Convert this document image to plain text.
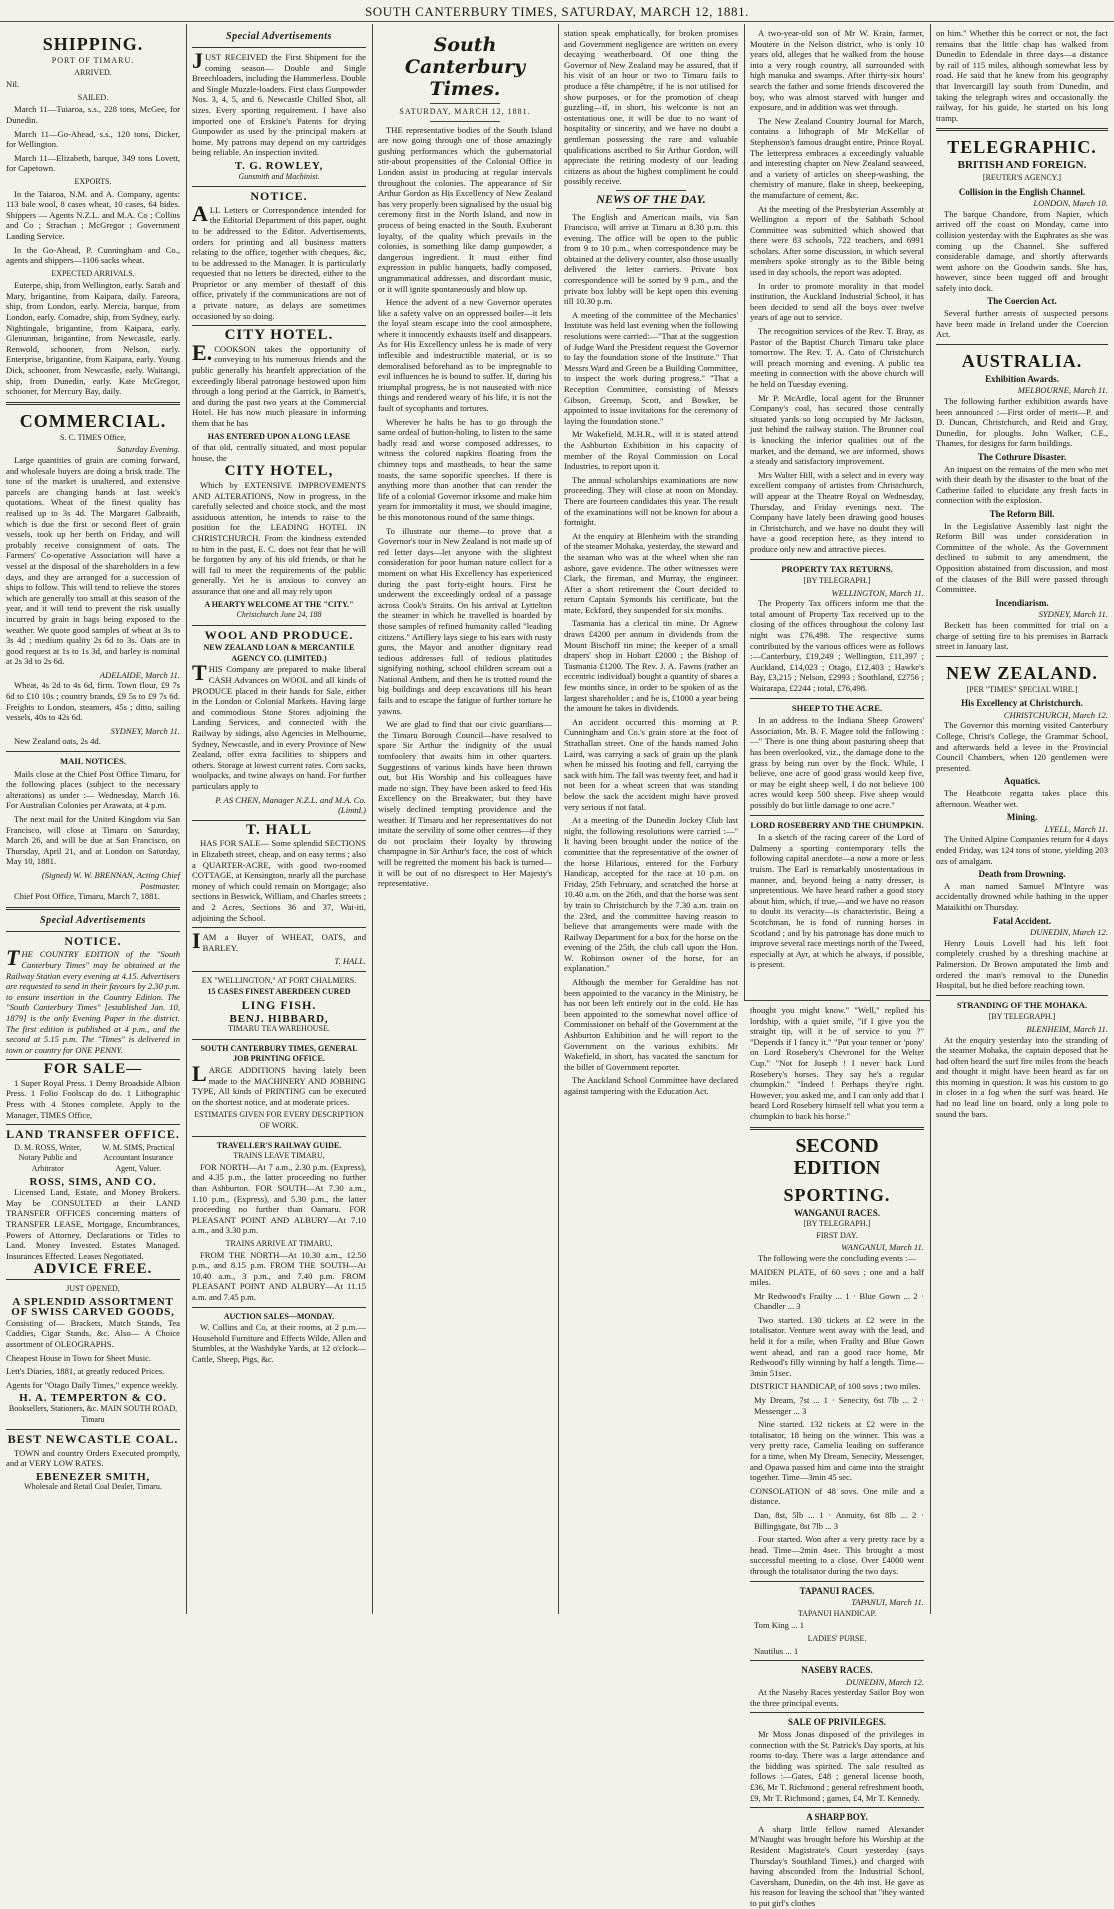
SOUTH CANTERBURY TIMES, SATURDAY, MARCH 12, 1881.
SHIPPING.
PORT OF TIMARU.
ARRIVED.

Nil.

SAILED.

March 11—Tuiaroa, s.s., 228 tons, McGee, for Dunedin.

March 11—Go-Ahead, s.s., 120 tons, Dicker, for Wellington.

March 11—Elizabeth, barque, 349 tons Lovett, for Capetown.

EXPORTS.

In the Taiaroa, N.M. and A. Company, agents: 113 bale wool, 8 cases wheat, 10 cases, 64 hides. Shippers — Agents N.Z.L. and M.A. Co ; Collins and Co ; Strachan ; McGregor ; Government Landing Service.

In the Go-Ahead, P. Cunningham and Co., agents and shippers—1106 sacks wheat.

EXPECTED ARRIVALS.

Euterpe, ship, from Wellington, early. Sarah and Mary, brigantine, from Kaipara, daily. Fareora, ship, from London, early. Mercia, barque, from London, early. Comadre, ship, from Sydney, early. Nightingale, brigantine, from Kaipara, early. Glenunman, brigantine, from Newcastle, early. Renwold, schooner, from Nelson, early. Enterprise, brigantine, from Kaipara, early. Young Dick, schooner, from Newcastle, early. Waitangi, ship, from Dunedin, early. Kate McGregor, schooner, for Mercury Bay, daily.

COMMERCIAL.
S. C. TIMES Office,
Saturday Evening.

Large quantities of grain are coming forward, and wholesale buyers are doing a brisk trade. The tone of the market is unaltered, and extensive parcels are changing hands at last week's quotations. Wheat of the finest quality has realised up to 3s 4d. The Margaret Galbraith, which is due the first or second fleet of grain vessels, took up her berth on Friday, and will probably receive consignment of oats. The Farmers' Co-operative Association will have a vessel at the disposal of the shareholders in a few days, and they are arranged for a succession of ships to follow. This will tend to relieve the stores which are generally too small at this season of the year, and it will tend to prevent the risk usually incurred by grain in bags being exposed to the weather. We quote good samples of wheat at 3s to 3s 4d ; medium quality 2s 6d to 3s. Oats are in good request at 1s to 1s 3d, and barley is nominal at 2s 3d to 2s 6d.

ADELAIDE, March 11.

Wheat, 4s 2d to 4s 6d, firm. Town flour, £9 7s 6d to £10 10s ; country brands, £9 5s to £9 7s 6d. Freights to London, steamers, 45s ; ditto, sailing vessels, 40s to 42s 6d.

SYDNEY, March 11.

New Zealand oats, 2s 4d.

MAIL NOTICES.

Mails close at the Chief Post Office Timaru, for the following places (subject to the necessary alterations) as under :— Wednesday, March 16. For Australian Colonies per Arawata, at 4 p.m.

The next mail for the United Kingdom via San Francisco, will close at Timaru on Saturday, March 26, and will be due at San Francisco, on Thursday, April 21, and at London on Saturday, May 10, 1881.

(Signed) W. W. BRENNAN, Acting Chief Postmaster.

Chief Post Office, Timaru, March 7, 1881.

Special Advertisements
NOTICE.

THE COUNTRY EDITION of the "South Canterbury Times" may be obtained at the Railway Station every evening at 4.15. Advertisers are requested to send in their favours by 2.30 p.m. to ensure insertion in the Country Edition. The "South Canterbury Times" [established Jan. 10, 1879] is the only Evening Paper in the district. The first edition is published at 4 p.m., and the second at 5.15 p.m. The "Times" is delivered in town or country for ONE PENNY.

FOR SALE—

1 Super Royal Press. 1 Demy Broadside Albion Press. 1 Folio Foolscap do do. 1 Lithographic Press with 4 Stones complete. Apply to the Manager, TIMES Office,

LAND TRANSFER OFFICE.
D. M. ROSS, Writer, Notary Public and Arbitrator
W. M. SIMS, Practical Accountant Insurance Agent, Valuer.
ROSS, SIMS, AND CO.

Licensed Land, Estate, and Money Brokers. May be CONSULTED at their LAND TRANSFER OFFICES concerning matters of TRANSFER LEASE, Mortgage, Encumbrances, Powers of Attorney, Declarations or Titles to Land. Money Invested. Estates Managed. Insurances Effected. Leases Negotiated.

ADVICE FREE.
JUST OPENED,
A SPLENDID ASSORTMENT OF SWISS CARVED GOODS,

Consisting of— Brackets, Match Stands, Tea Caddies, Cigar Stands, &c. Also— A Choice assortment of OLEOGRAPHS.

Cheapest House in Town for Sheet Music.

Lett's Diaries, 1881, at greatly reduced Prices.

Agents for "Otago Daily Times," expence weekly.

H. A. TEMPERTON & CO.
Booksellers, Stationers, &c. MAIN SOUTH ROAD, Timaru
BEST NEWCASTLE COAL.

TOWN and country Orders Executed promptly, and at VERY LOW RATES.

EBENEZER SMITH,
Wholesale and Retail Coal Dealer, Timaru.
Special Advertisements

JUST RECEIVED the First Shipment for the coming season— Double and Single Breechloaders, including the Hammerless. Double and Single Muzzle-loaders. First class Gunpowder Nos. 3, 4, 5, and 6. Newcastle Chilled Shot, all sizes. Every sporting requirement. I have also imported one of Erskine's Patents for drying Gunpowder as used by the principal makers at home. My patrons may depend on my cartridges being reliable. An inspection invited.

T. G. ROWLEY,
Gunsmith and Machinist.
NOTICE.

ALL Letters or Correspondence intended for the Editorial Department of this paper, ought to be addressed to the Editor. Advertisements, orders for printing and all business matters relating to the office, together with cheques, &c, to be addressed to the Manager. It is particularly requested that no letters be directed, either to the Proprietor or any member of thestaff of this office, privately if the communications are not of a private nature, as delays are sometimes occasioned by so doing.

CITY HOTEL.

E.COOKSON takes the opportunity of conveying to his numerous friends and the public generally his heartfelt appreciation of the exceedingly liberal patronage bestowed upon him through a long period at the Garrick, in Barnett's, and during the past two years at the Commercial Hotel. He has now much pleasure in informing them that he has

HAS ENTERED UPON A LONG LEASE

of that old, centrally situated, and most popular house, the

CITY HOTEL,

Which by EXTENSIVE IMPROVEMENTS AND ALTERATIONS, Now in progress, in the carefully selected and choice stock, and the most assiduous attention, he intends to raise to the position for the LEADING HOTEL IN CHRISTCHURCH. From the kindness extended to him in the past, E. C. does not fear that he will be forgotten by any of his old friends, or that he will fail to meet the requirements of the public generally. Yet he is anxious to convey an assurance that one and all may rely upon

A HEARTY WELCOME AT THE "CITY."
Christchurch June 24, 188
WOOL AND PRODUCE.
NEW ZEALAND LOAN & MERCANTILE AGENCY CO. (LIMITED.)

THIS Company are prepared to make liberal CASH Advances on WOOL and all kinds of PRODUCE placed in their hands for Sale, either in the London or Colonial Markets. Having large and commodious Stone Stores adjoining the Landing Services, and connected with the Railway by sidings, also Agencies in Melbourne, Sydney, Newcastle, and in every Province of New Zealand, offer extra facilities to shippers and others. Storage at lowest current rates. Corn sacks, woolpacks, and twine always on hand. For further particulars apply to

P. AS CHEN, Manager N.Z.L. and M.A. Co. (Limtd.)
T. HALL

HAS FOR SALE— Some splendid SECTIONS in Elizabeth street, cheap, and on easy terms ; also a QUARTER-ACRE, with good two-roomed COTTAGE, at Kensington, nearly all the purchase money of which could remain on Mortgage; also sections in Beswick, William, and Charles streets ; and 2 Acres, Sections 36 and 37, Wai-iti, adjoining the School.

IAM a Buyer of WHEAT, OATS, and BARLEY.

T. HALL.
EX "WELLINGTON," AT FORT CHALMERS.
15 CASES FINEST ABERDEEN CURED
LING FISH.
BENJ. HIBBARD,
TIMARU TEA WAREHOUSE.
SOUTH CANTERBURY TIMES, GENERAL JOB PRINTING OFFICE.

LARGE ADDITIONS having lately been made to the MACHINERY AND JOBBING TYPE, All kinds of PRINTING can be executed on the shortest notice, and at moderate prices.

ESTIMATES GIVEN FOR EVERY DESCRIPTION OF WORK.
TRAVELLER'S RAILWAY GUIDE.
TRAINS LEAVE TIMARU,

FOR NORTH—At 7 a.m., 2.30 p.m. (Express), and 4.35 p.m., the latter proceeding no further than Ashburton. FOR SOUTH—At 7.30 a.m., 1.10 p.m., (Express), and 5.30 p.m., the latter proceeding no further than Oamaru. FOR PLEASANT POINT AND ALBURY—At 7.10 a.m., and 3.30 p.m.

TRAINS ARRIVE AT TIMARU,

FROM THE NORTH—At 10.30 a.m., 12.50 p.m., and 8.15 p.m. FROM THE SOUTH—At 10.40 a.m., 3 p.m., and 7.40 p.m. FROM PLEASANT POINT AND ALBURY—At 11.15 a.m. and 7.45 p.m.

AUCTION SALES—MONDAY.

W. Collins and Co, at their rooms, at 2 p.m.—Household Furniture and Effects Wilde, Allen and Stumbles, at the Washdyke Yards, at 12 o'clock—Cattle, Sheep, Pigs, &c.

South Canterbury Times.
SATURDAY, MARCH 12, 1881.

THE representative bodies of the South Island are now going through one of those amazingly gushing performances which the gubernatorial stir-about propensities of the Colonial Office in London assist in producing at regular intervals throughout the colonies. The appearance of Sir Arthur Gordon as His Excellency of New Zealand has very properly been signalised by the usual big ceremony first in the North Island, and now in process of being enacted in the South. Exuberant loyalty, of the quality which prevails in the colonies, is something like damp gunpowder, a dangerous ingredient. It must either find expression in public banquets, badly composed, ungrammatical addresses, and discordant music, or it will ignite spontaneously and blow up.

Hence the advent of a new Governor operates like a safety valve on an oppressed boiler—it lets the loyal steam escape into the cool atmosphere, where it innocently exhausts itself and disappears. As for His Excellency unless he is made of very inflexible and indestructible material, or is so demoralised beforehand as to be impregnable to evil influences he is bound to suffer. If, during his triumphal progress, he is not nauseated with nice things and rendered weary of his life, it is not the fault of sycophants and tortures.

Wherever he halts he has to go through the same ordeal of button-holing, to listen to the same badly read and worse composed addresses, to witness the colored napkins floating from the chimney tops and mastheads, to hear the same toasts, the same soporific speeches. If there is anything more than another that can render the life of a colonial Governor irksome and make him yearn for immortality it must, we should imagine, be this monotonous round of the same things.

To illustrate our theme—to prove that a Governor's tour in New Zealand is not made up of red letter days—let anyone with the slightest consideration for poor human nature collect for a moment on what His Excellency has experienced during the past forty-eight hours. First he underwent the exceedingly ordeal of a passage across Cook's Straits. On his arrival at Lyttelton the steamer in which he travelled is boarded by those samples of refined humanity called "leading citizens." Artillery lays siege to his ears with rusty guns, the Mayor and another dignitary read tedious addresses full of tedious platitudes signifying nothing, school children scream out a National Anthem, and then he is trotted round the big buildings and deep excavations till his heart fails and to escape the fatigue of further torture he yawns.

We are glad to find that our civic guardians—the Timaru Borough Council—have resolved to spare Sir Arthur the indignity of the usual tomfoolery that awaits him in other quarters. Suggestions of various kinds have been thrown out, but His Worship and his colleagues have made no sign. They have been asked to feed His Excellency on the Breakwater, but they have wisely declined tempting providence and the weather. If Timaru and her representatives do not imitate the servility of some other centres—if they do not proclaim their loyalty by throwing champagne in Sir Arthur's face, the cost of which will be regretted the moment his back is turned—it will be out of no disrespect to Her Majesty's representative.

station speak emphatically, for broken promises and Government negligence are written on every decaying weatherboard. Of one thing the Governor of New Zealand may be assured, that if his visit of an hour or two to Timaru fails to produce a fête champêtre, if he is not utilised for show purposes, or for the promotion of cheap guzzling—if, in short, his welcome is not an ostentatious one, it will be due to no want of hospitality or sincerity, and we have no doubt a gentleman possessing the rare and valuable qualifications ascribed to Sir Arthur Gordon, will appreciate the retiring modesty of our leading citizens as about the highest compliment he could possibly receive.

NEWS OF THE DAY.

The English and American mails, via San Francisco, will arrive at Timaru at 8.30 p.m. this evening. The office will be open to the public from 9 to 10 p.m., when correspondence may be obtained at the delivery counter, also those usually delivered the letter carriers. Private box correspondence will be sorted by 9 p.m., and the private box lobby will be kept open this evening till 10.30 p.m.

A meeting of the committee of the Mechanics' Institute was held last evening when the following resolutions were carried:—"That at the suggestion of Judge Ward the President request the Governor to lay the foundation stone of the Institute." That Messrs Ward and Green be a Building Committee, to inspect the work during progress." "That a Reception Committee, consisting of Messrs Gibson, Greenup, Scott, and Bowker, be appointed to issue invitations for the ceremony of laying the foundation stone."

Mr Wakefield, M.H.R., will it is stated attend the Ashburton Exhibition in his capacity of member of the Royal Commission on Local Industries, to report upon it.

The annual scholarships examinations are now proceeding. They will close at noon on Monday. There are fourteen candidates this year. The result of the examinations will not be known for about a fortnight.

At the enquiry at Blenheim with the stranding of the steamer Mohaka, yesterday, the steward and the seaman who was at the wheel when she ran ashore, gave evidence. The other witnesses were Clark, the fireman, and Murray, the engineer. After a short retirement the Court decided to return Captain Symonds his certificate, but the mate, Eckford, they suspended for six months.

Tasmania has a clerical tin mine. Dr Agnew draws £4200 per annum in dividends from the Mount Bischoff tin mine; the keeper of a small drapers' shop in Hobart £2000 ; the Bishop of Tasmania £1200. The Rev. J. A. Fawns (rather an eccentric individual) bought a quantity of shares a few months since, in order to be spoken of as the largest shareholder ; and he is, £1000 a year being the amount he takes in dividends.

An accident occurred this morning at P. Cunningham and Co.'s grain store at the foot of Strathallan street. One of the hands named John Laird, was carrying a sack of grain up the plank when he missed his footing and fell, carrying the sack with him. The fall was twenty feet, and had it not been for a wheat screen that was standing below the sack the accident might have proved very serious if not fatal.

At a meeting of the Dunedin Jockey Club last night, the following resolutions were carried :—" It having been brought under the notice of the committee that the representative of the owner of the horse Hilarious, entered for the Forbury Handicap, accepted for the race at 10 p.m. on Friday, 25th February, and scratched the horse at 10.40 a.m. on the 26th, and that the horse was sent by train to Christchurch by the 7.30 a.m. train on the 23rd, and the committee having reason to believe that arrangements were made with the Railway Department for a box for the horse on the evening of the 25th, the club call upon the Hon. W. Robinson owner of the horse, for an explanation."

Although the member for Geraldine has not been appointed to the vacancy in the Ministry, he has not been left entirely out in the cold. He has been appointed to the somewhat novel office of Commissioner on behalf of the Government at the Ashburton Exhibition and he will report to the Government on the various exhibits. Mr Wakefield, in short, has vacated the sanctum for the billet of Government reporter.

The Auckland School Committee have declared against tampering with the Education Act.

A two-year-old son of Mr W. Krain, farmer, Moutere in the Nelson district, who is only 10 years old, alleges that he walked from the house into a very rough country, all surrounded with high manuka and swamps. After thirty-six hours' search the father and some friends discovered the boy, who was almost starved with hunger and exposure, and in addition was wet through.

The New Zealand Country Journal for March, contains a lithograph of Mr McKellar of Stephenson's famous draught entire, Prince Royal. The letterpress embraces a exceedingly valuable and interesting chapter on New Zealand seaweed, and a variety of articles on sheep-washing, the chemistry of manure, flake in sheep, beekeeping, the manufacture of cement, &c.

At the meeting of the Presbyterian Assembly at Wellington a report of the Sabbath School Committee was submitted which showed that there were 83 schools, 722 teachers, and 6991 scholars. After some discussion, in which several members spoke strongly as to the Bible being used in day schools, the report was adopted.

In order to promote morality in that model institution, the Auckland Industrial School, it has been decided to send all the boys over twelve years of age out to service.

The recognition services of the Rev. T. Bray, as Pastor of the Baptist Church Timaru take place tomorrow. The Rev. T. A. Cato of Christchurch will preach morning and evening. A public tea meeting in connection with the above church will be held on Tuesday evening.

Mr P. McArdle, local agent for the Brunner Company's coal, has secured those centrally situated yards so long occupied by Mr Jackson, just behind the railway station. The Brunner coal is knocking the inferior qualities out of the market, and the demand, we are informed, shows a steady and satisfactory improvement.

Mrs Walter Hill, with a select and in every way excellent company of artistes from Christchurch, will appear at the Theatre Royal on Wednesday, Thursday, and Friday evenings next. The Company have lately been drawing good houses in Christchurch, and we have no doubt they will have a good reception here, as they intend to produce only new and attractive pieces.

PROPERTY TAX RETURNS.
[BY TELEGRAPH.]
WELLINGTON, March 11.

The Property Tax officers inform me that the total amount of Property Tax received up to the closing of the offices throughout the colony last night was £76,498. The respective sums contributed by the various offices were as follows :—Canterbury, £19,249 ; Wellington, £11,397 ; Auckland, £14,023 ; Otago, £12,403 ; Hawke's Bay, £3,215 ; Nelson, £2993 ; Southland, £2756 ; Wairarapa, £2244 ; total, £76,498.

SHEEP TO THE ACRE.

In an address to the Indiana Sheep Growers' Association, Mr. B. F. Magee told the following :—" There is one thing about pasturing sheep that has been overlooked, viz., the damage done to the grass by being run over by the flock. While, I believe, one acre of good grass would keep five, or may be eight sheep well, I do not believe 100 acres would keep 500 sheep. Five sheep would possibly do but little damage to one acre."

LORD ROSEBERRY AND THE CHUMPKIN.

In a sketch of the racing career of the Lord of Dalmeny a sporting contemporary tells the following capital anecdote—a now a more or less truism. The Earl is remarkably unostentatious in manner, and, beyond being a natty dresser, is unpretentious. We have heard rather a good story about him, which, if true,—and we have no reason to doubt its veracity—is characteristic. Being a Scotchman, he is fond of running horses in Scotland ; and by his patronage has done much to improve several race meetings north of the Tweed, especially at Ayr, at which he always, if possible, is present.

on him." Whether this be correct or not, the fact remains that the little chap has walked from Dunedin to Edendale in three days—a distance by rail of 115 miles, although somewhat less by road. He said that he knew from his geography that Invercargill lay south from Dunedin, and taking the telegraph wires and occasionally the railway, for his guide, he started on his long tramp.

TELEGRAPHIC.
BRITISH AND FOREIGN.
[REUTER'S AGENCY.]
Collision in the English Channel.
LONDON, March 10.

The barque Chandore, from Napier, which arrived off the coast on Monday, came into collision yesterday with the Euphrates as she was coming up the Channel. She suffered considerable damage, and shortly afterwards went ashore on the Goodwin sands. She has, however, since been tugged off and brought safely into dock.

The Coercion Act.

Several further arrests of suspected persons have been made in Ireland under the Coercion Act.

AUSTRALIA.
Exhibition Awards.
MELBOURNE, March 11.

The following further exhibition awards have been announced :—First order of merit—P. and D. Duncan, Christchurch, and Reid and Gray, Dunedin, for ploughs. John Walker, C.E., Thames, for designs for farm buildings.

The Cothrure Disaster.

An inquest on the remains of the men who met with their death by the disaster to the boat of the Catherine failed to elucidate any fresh facts in connection with the explosion.

The Reform Bill.

In the Legislative Assembly last night the Reform Bill was under consideration in Committee of the whole. As the Government declined to submit to any amendment, the Opposition abstained from discussion, and most of the clauses of the Bill were passed through Committee.

Incendiarism.
SYDNEY, March 11.

Beckett has been committed for trial on a charge of setting fire to his premises in Barrack street in January last.

NEW ZEALAND.
[PER "TIMES" SPECIAL WIRE.]
His Excellency at Christchurch.
CHRISTCHURCH, March 12.

The Governor this morning visited Canterbury College, Christ's College, the Grammar School, and afterwards held a levee in the Provincial Council Chambers, when 120 gentlemen were presented.

Aquatics.

The Heathcote regatta takes place this afternoon. Weather wet.

Mining.
LYELL, March 11.

The United Alpine Companies return for 4 days ended Friday, was 124 tons of stone, yielding 203 ozs of amalgam.

Death from Drowning.

A man named Samuel M'Intyre was accidentally drowned while bathing in the upper Mataikithi on Thursday.

Fatal Accident.
DUNEDIN, March 12.

Henry Louis Lovell had his left foot completely crushed by a threshing machine at Palmerston. Dr Brown amputated the limb and ordered the man's removal to the Dunedin Hospital, but he died before reaching town.

STRANDING OF THE MOHAKA.
[BY TELEGRAPH.]
BLENHEIM, March 11.

At the enquiry yesterday into the stranding of the steamer Mohaka, the captain deposed that he had often heard the surf fire miles from the beach and thought it might have been heard as far on this morning in question. It was his custom to go in closer in a fog when the surf was heard. He had no lead line on board, only a long pole to sound the bars.

thought you might know." "Well," replied his lordship, with a quiet smile, "if I give you the straight tip, will it be of service to you ?" "Depends if I fancy it." "Put your tenner or 'pony' on Lord Rosebery's Chevronel for the Welter Cup." "Not for Joseph ! I never back Lord Rosebery's horses. They say he's a regular chumpkin." "Indeed ! Perhaps they're right. However, you asked me, and I can only add that I heard Lord Rosebery himself tell what you term a chumpkin to back his horse."

SECOND EDITION
SPORTING.
WANGANUI RACES.
[BY TELEGRAPH.]
FIRST DAY.
WANGANUI, March 11.

The following were the concluding events :—

MAIDEN PLATE, of 60 sovs ; one and a half miles.

Mr Redwood's Frailty ... 1 · Blue Gown ... 2 · Chandler ... 3

Two started. 130 tickets at £2 were in the totalisator. Venture went away with the lead, and held it for a mile, when Frailty and Blue Gown went ahead, and ran a good race home, Mr Redwood's filly winning by half a length. Time—3min 51sec.

DISTRICT HANDICAP, of 100 sovs ; two miles.

My Dream, 7st ... 1 · Senecity, 6st 7lb ... 2 · Messenger ... 3

Nine started. 132 tickets at £2 were in the totalisator, 18 being on the winner. This was a very pretty race, Camelia leading on sufferance for a time, when My Dream, Senecity, Messenger, and Opawa passed him and came into the straight together. Time—3min 45 sec.

CONSOLATION of 48 sovs. One mile and a distance.

Dan, 8st, 5lb ... 1 · Annuity, 6st 8lb ... 2 · Billingsgate, 8st 7lb ... 3

Four started. Won after a very pretty race by a head. Time—2min 4sec. This brought a most successful meeting to a close. Over £4000 went through the totalisator during the two days.

TAPANUI RACES.
TAPANUI, March 11.
TAPANUI HANDICAP.

Tom King ... 1

LADIES' PURSE.

Nautilus ... 1

NASEBY RACES.
DUNEDIN, March 12.

At the Naseby Races yesterday Sailor Boy won the three principal events.

SALE OF PRIVILEGES.

Mr Moss Jonas disposed of the privileges in connection with the St. Patrick's Day sports, at his rooms to-day. There was a large attendance and the bidding was spirited. The sale resulted as follows :—Gates, £48 ; general license booth, £36, Mr T. Richmond ; general refreshment booth, £9, Mr T. Richmond ; games, £4, Mr T. Kennedy.

A SHARP BOY.

A sharp little fellow named Alexander M'Naught was brought before his Worship at the Resident Magistrate's Court yesterday (says Thursday's Southland Times,) and charged with having absconded from the Industrial School, Caversham, Dunedin, on the 4th inst. He gave as his reason for leaving the school that "they wanted to put girl's clothes
